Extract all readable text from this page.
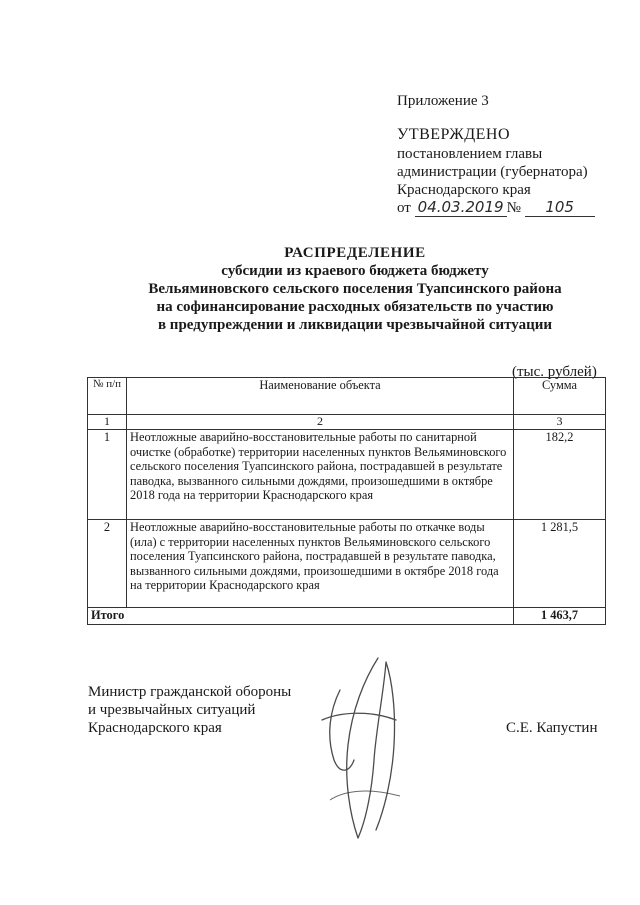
Приложение 3
УТВЕРЖДЕНО
постановлением главы
администрации (губернатора)
Краснодарского края
от 04.03.2019 № 105
РАСПРЕДЕЛЕНИЕ
субсидии из краевого бюджета бюджету
Вельяминовского сельского поселения Туапсинского района
на софинансирование расходных обязательств по участию
в предупреждении и ликвидации чрезвычайной ситуации
(тыс. рублей)
№ п/п	Наименование объекта	Сумма
1	2	3
1	Неотложные аварийно-восстановительные работы по санитарной очистке (обработке) территории населенных пунктов Вельяминовского сельского поселения Туапсинского района, пострадавшей в результате паводка, вызванного сильными дождями, произошедшими в октябре 2018 года на территории Краснодарского края	182,2
2	Неотложные аварийно-восстановительные работы по откачке воды (ила) с территории населенных пунктов Вельяминовского сельского поселения Туапсинского района, пострадавшей в результате паводка, вызванного сильными дождями, произошедшими в октябре 2018 года на территории Краснодарского края	1 281,5
Итого		1 463,7
Министр гражданской обороны
и чрезвычайных ситуаций
Краснодарского края	С.Е. Капустин
